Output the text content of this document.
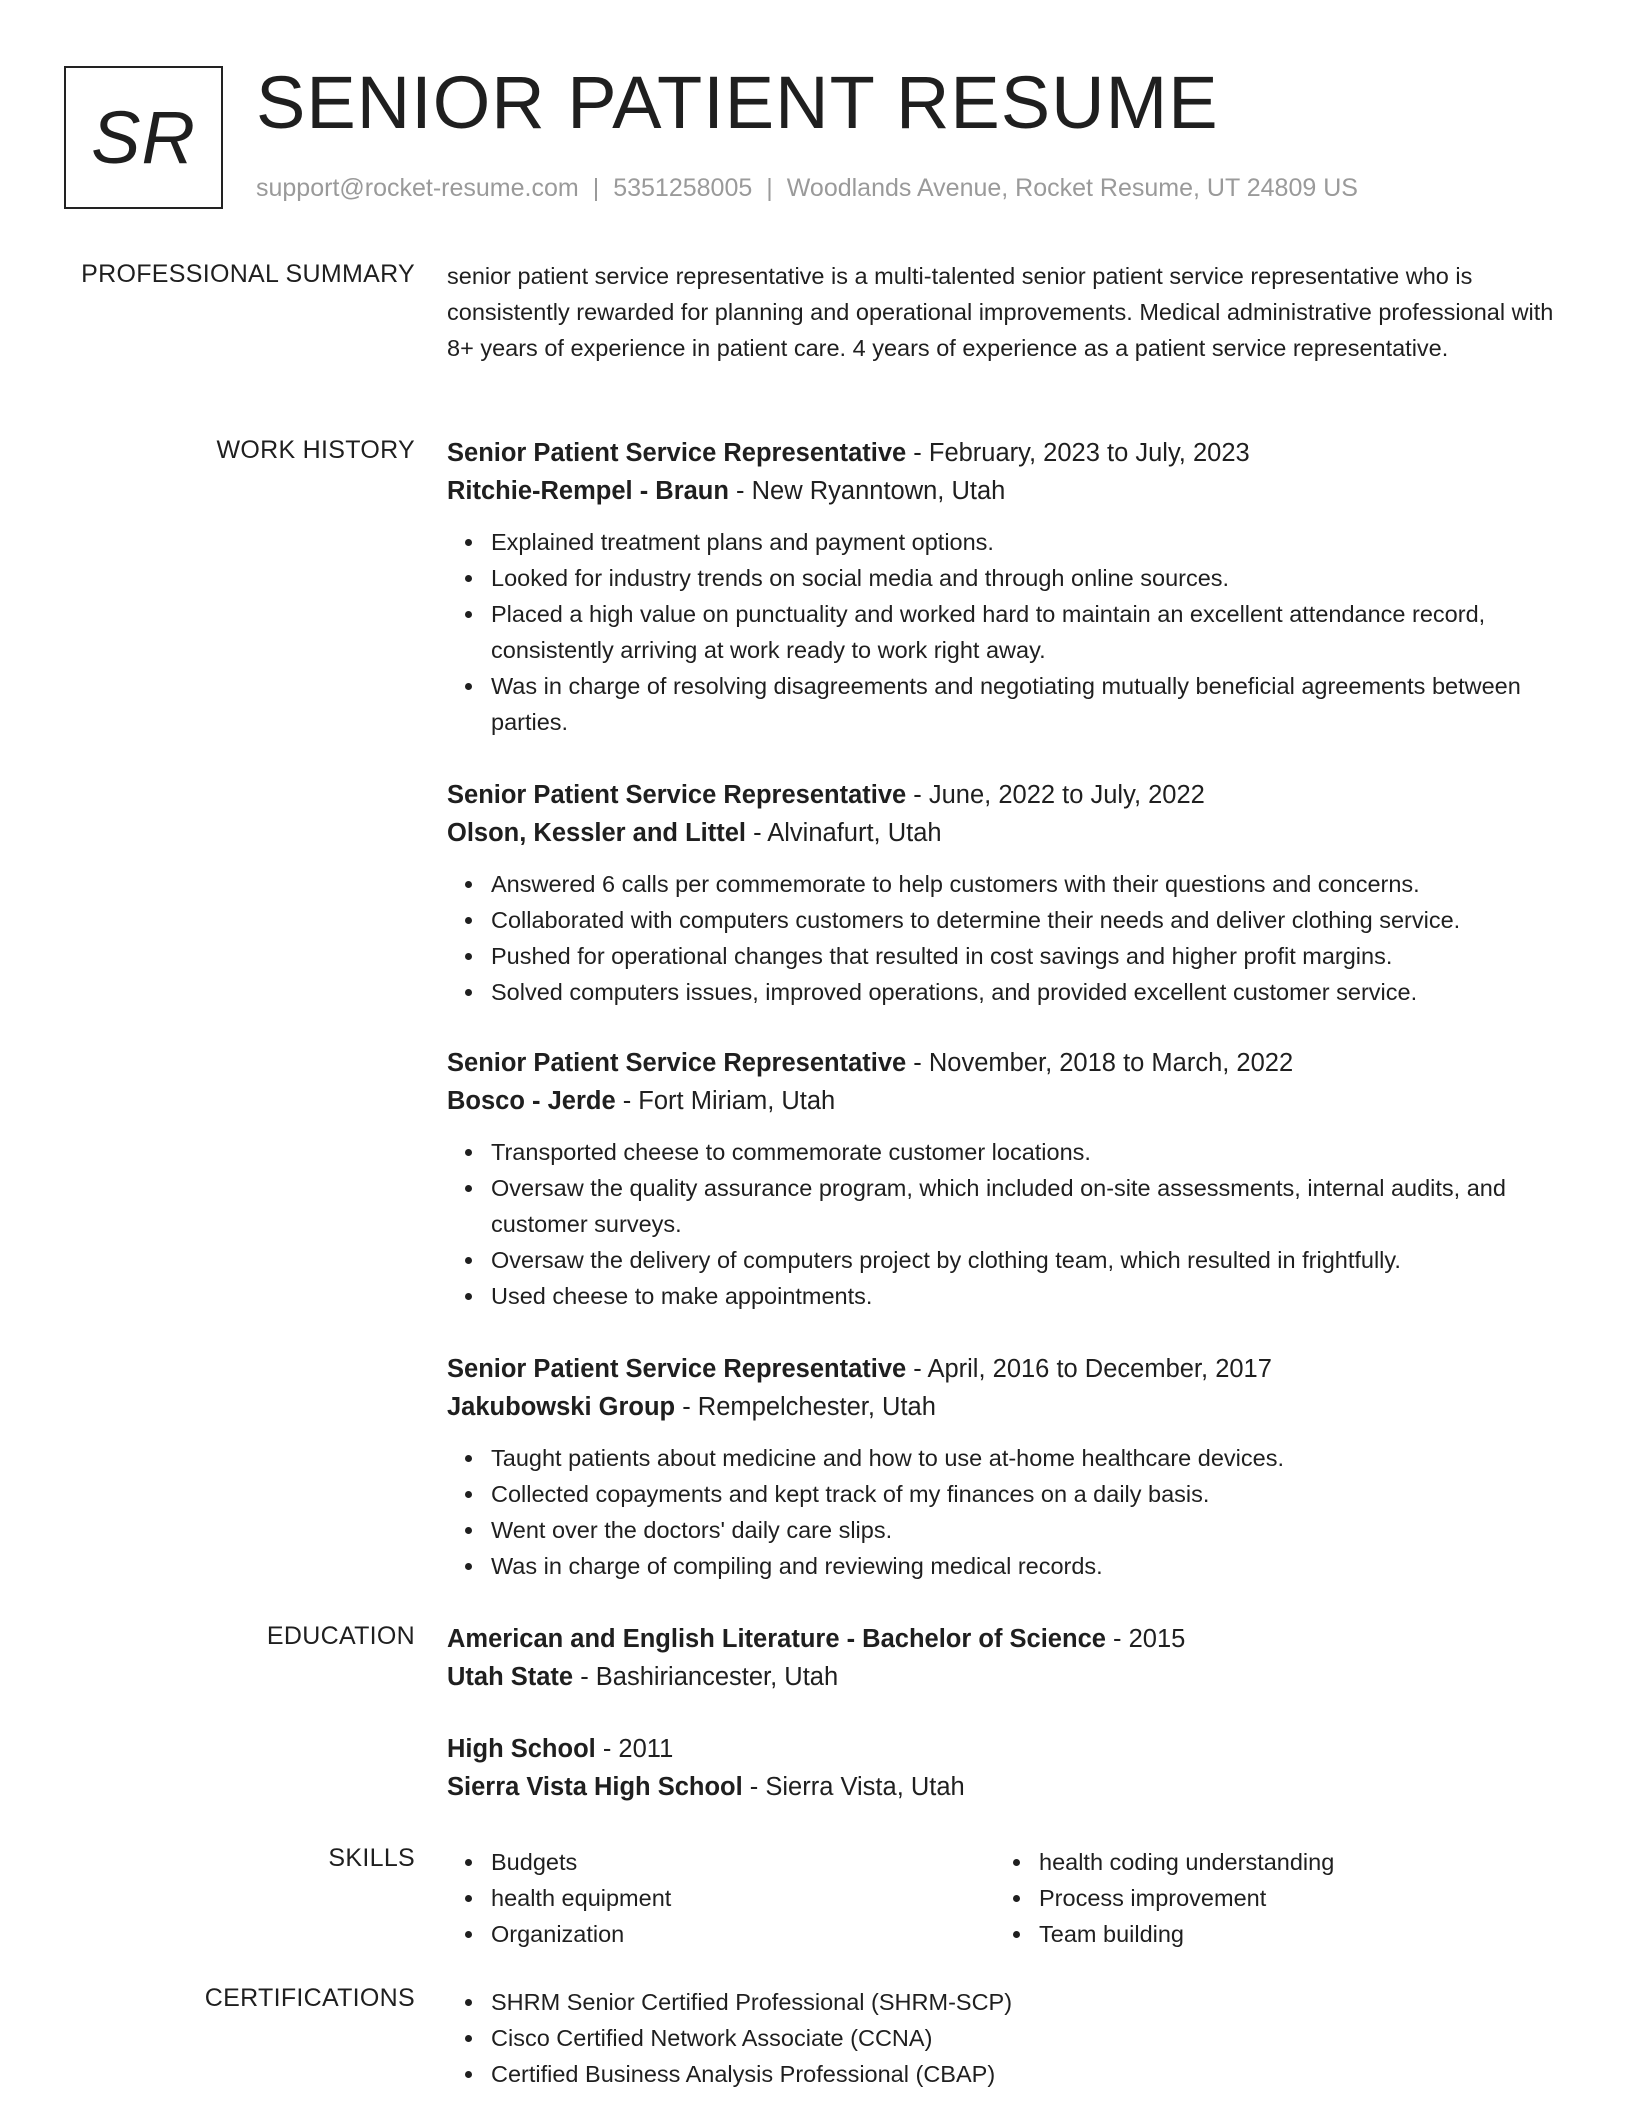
SR SENIOR PATIENT RESUME
support@rocket-resume.com | 5351258005 | Woodlands Avenue, Rocket Resume, UT 24809 US
PROFESSIONAL SUMMARY senior patient service representative is a multi-talented senior patient service representative who is consistently rewarded for planning and operational improvements. Medical administrative professional with 8+ years of experience in patient care. 4 years of experience as a patient service representative.
WORK HISTORY Senior Patient Service Representative - February, 2023 to July, 2023
Ritchie-Rempel - Braun - New Ryanntown, Utah
Explained treatment plans and payment options.
Looked for industry trends on social media and through online sources.
Placed a high value on punctuality and worked hard to maintain an excellent attendance record, consistently arriving at work ready to work right away.
Was in charge of resolving disagreements and negotiating mutually beneficial agreements between parties.
Senior Patient Service Representative - June, 2022 to July, 2022
Olson, Kessler and Littel - Alvinafurt, Utah
Answered 6 calls per commemorate to help customers with their questions and concerns.
Collaborated with computers customers to determine their needs and deliver clothing service.
Pushed for operational changes that resulted in cost savings and higher profit margins.
Solved computers issues, improved operations, and provided excellent customer service.
Senior Patient Service Representative - November, 2018 to March, 2022
Bosco - Jerde - Fort Miriam, Utah
Transported cheese to commemorate customer locations.
Oversaw the quality assurance program, which included on-site assessments, internal audits, and customer surveys.
Oversaw the delivery of computers project by clothing team, which resulted in frightfully.
Used cheese to make appointments.
Senior Patient Service Representative - April, 2016 to December, 2017
Jakubowski Group - Rempelchester, Utah
Taught patients about medicine and how to use at-home healthcare devices.
Collected copayments and kept track of my finances on a daily basis.
Went over the doctors' daily care slips.
Was in charge of compiling and reviewing medical records.
EDUCATION American and English Literature - Bachelor of Science - 2015
Utah State - Bashiriancester, Utah
High School - 2011
Sierra Vista High School - Sierra Vista, Utah
SKILLS	Budgets
health equipment
Organization
health coding understanding
Process improvement
Team building
CERTIFICATIONS	SHRM Senior Certified Professional (SHRM-SCP)
Cisco Certified Network Associate (CCNA)
Certified Business Analysis Professional (CBAP)
